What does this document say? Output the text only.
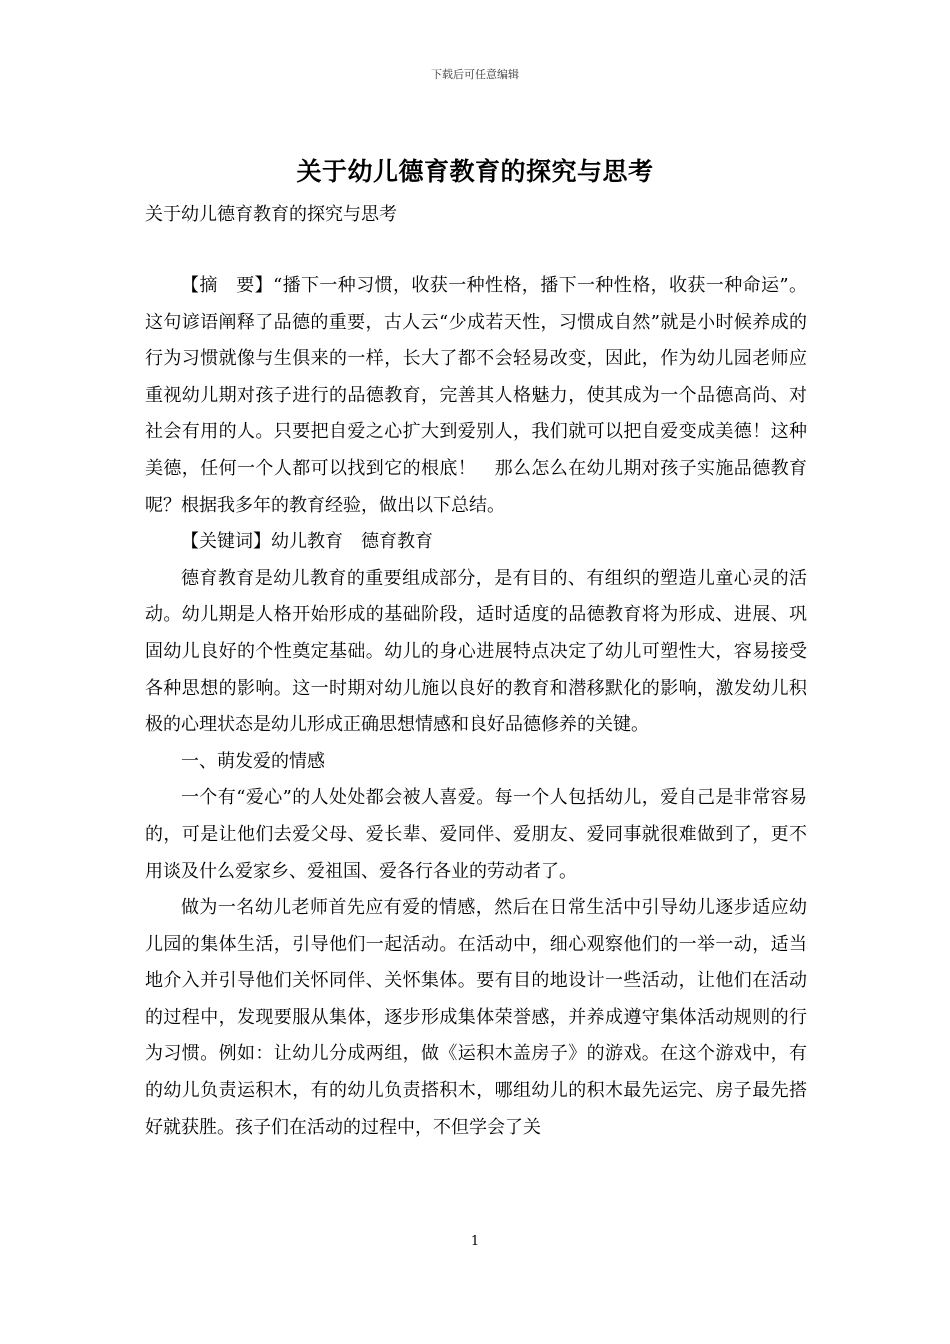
下载后可任意编辑
关于幼儿德育教育的探究与思考
关于幼儿德育教育的探究与思考

【摘　要】“播下一种习惯，收获一种性格，播下一种性格，收获一种命运”。这句谚语阐释了品德的重要，古人云“少成若天性，习惯成自然”就是小时候养成的行为习惯就像与生俱来的一样，长大了都不会轻易改变，因此，作为幼儿园老师应重视幼儿期对孩子进行的品德教育，完善其人格魅力，使其成为一个品德高尚、对社会有用的人。只要把自爱之心扩大到爱别人，我们就可以把自爱变成美德！这种美德，任何一个人都可以找到它的根底！　那么怎么在幼儿期对孩子实施品德教育呢？根据我多年的教育经验，做出以下总结。

【关键词】幼儿教育　德育教育

德育教育是幼儿教育的重要组成部分，是有目的、有组织的塑造儿童心灵的活动。幼儿期是人格开始形成的基础阶段，适时适度的品德教育将为形成、进展、巩固幼儿良好的个性奠定基础。幼儿的身心进展特点决定了幼儿可塑性大，容易接受各种思想的影响。这一时期对幼儿施以良好的教育和潜移默化的影响，激发幼儿积极的心理状态是幼儿形成正确思想情感和良好品德修养的关键。

一、萌发爱的情感

一个有“爱心”的人处处都会被人喜爱。每一个人包括幼儿，爱自己是非常容易的，可是让他们去爱父母、爱长辈、爱同伴、爱朋友、爱同事就很难做到了，更不用谈及什么爱家乡、爱祖国、爱各行各业的劳动者了。

做为一名幼儿老师首先应有爱的情感，然后在日常生活中引导幼儿逐步适应幼儿园的集体生活，引导他们一起活动。在活动中，细心观察他们的一举一动，适当地介入并引导他们关怀同伴、关怀集体。要有目的地设计一些活动，让他们在活动的过程中，发现要服从集体，逐步形成集体荣誉感，并养成遵守集体活动规则的行为习惯。例如：让幼儿分成两组，做《运积木盖房子》的游戏。在这个游戏中，有的幼儿负责运积木，有的幼儿负责搭积木，哪组幼儿的积木最先运完、房子最先搭好就获胜。孩子们在活动的过程中，不但学会了关

1
